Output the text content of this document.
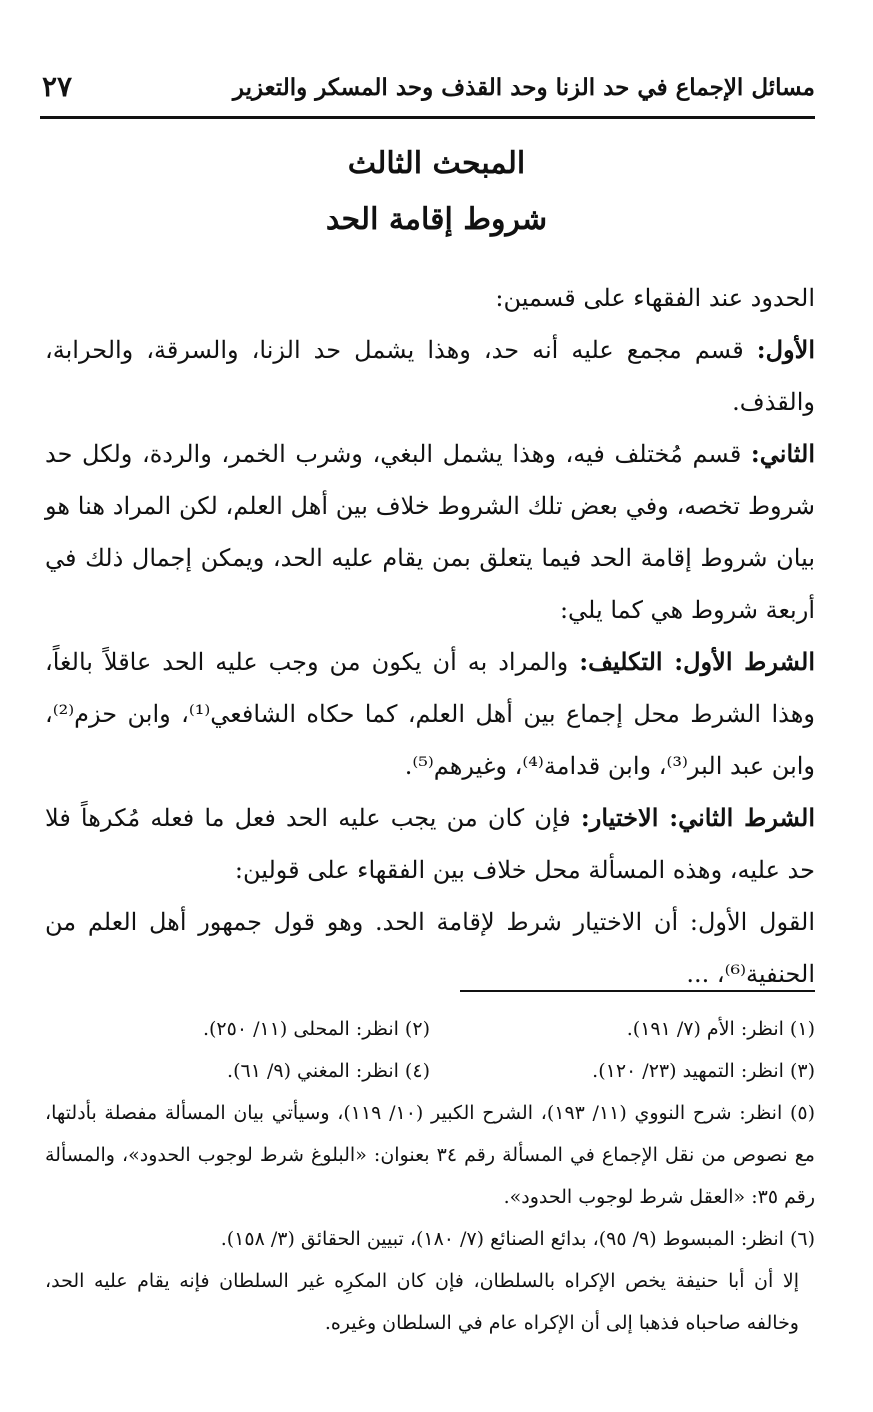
مسائل الإجماع في حد الزنا وحد القذف وحد المسكر والتعزير
٢٧
المبحث الثالث
شروط إقامة الحد

الحدود عند الفقهاء على قسمين:

الأول: قسم مجمع عليه أنه حد، وهذا يشمل حد الزنا، والسرقة، والحرابة، والقذف.

الثاني: قسم مُختلف فيه، وهذا يشمل البغي، وشرب الخمر، والردة، ولكل حد شروط تخصه، وفي بعض تلك الشروط خلاف بين أهل العلم، لكن المراد هنا هو بيان شروط إقامة الحد فيما يتعلق بمن يقام عليه الحد، ويمكن إجمال ذلك في أربعة شروط هي كما يلي:

الشرط الأول: التكليف: والمراد به أن يكون من وجب عليه الحد عاقلاً بالغاً، وهذا الشرط محل إجماع بين أهل العلم، كما حكاه الشافعي⁽¹⁾، وابن حزم⁽²⁾، وابن عبد البر⁽³⁾، وابن قدامة⁽⁴⁾، وغيرهم⁽⁵⁾.

الشرط الثاني: الاختيار: فإن كان من يجب عليه الحد فعل ما فعله مُكرهاً فلا حد عليه، وهذه المسألة محل خلاف بين الفقهاء على قولين:

القول الأول: أن الاختيار شرط لإقامة الحد. وهو قول جمهور أهل العلم من الحنفية⁽⁶⁾، ...

(١) انظر: الأم (٧/ ١٩١).
(٢) انظر: المحلى (١١/ ٢٥٠).
(٣) انظر: التمهيد (٢٣/ ١٢٠).
(٤) انظر: المغني (٩/ ٦١).
(٥) انظر: شرح النووي (١١/ ١٩٣)، الشرح الكبير (١٠/ ١١٩)، وسيأتي بيان المسألة مفصلة بأدلتها، مع نصوص من نقل الإجماع في المسألة رقم ٣٤ بعنوان: «البلوغ شرط لوجوب الحدود»، والمسألة رقم ٣٥: «العقل شرط لوجوب الحدود».
(٦) انظر: المبسوط (٩/ ٩٥)، بدائع الصنائع (٧/ ١٨٠)، تبيين الحقائق (٣/ ١٥٨).
إلا أن أبا حنيفة يخص الإكراه بالسلطان، فإن كان المكرِه غير السلطان فإنه يقام عليه الحد، وخالفه صاحباه فذهبا إلى أن الإكراه عام في السلطان وغيره.
